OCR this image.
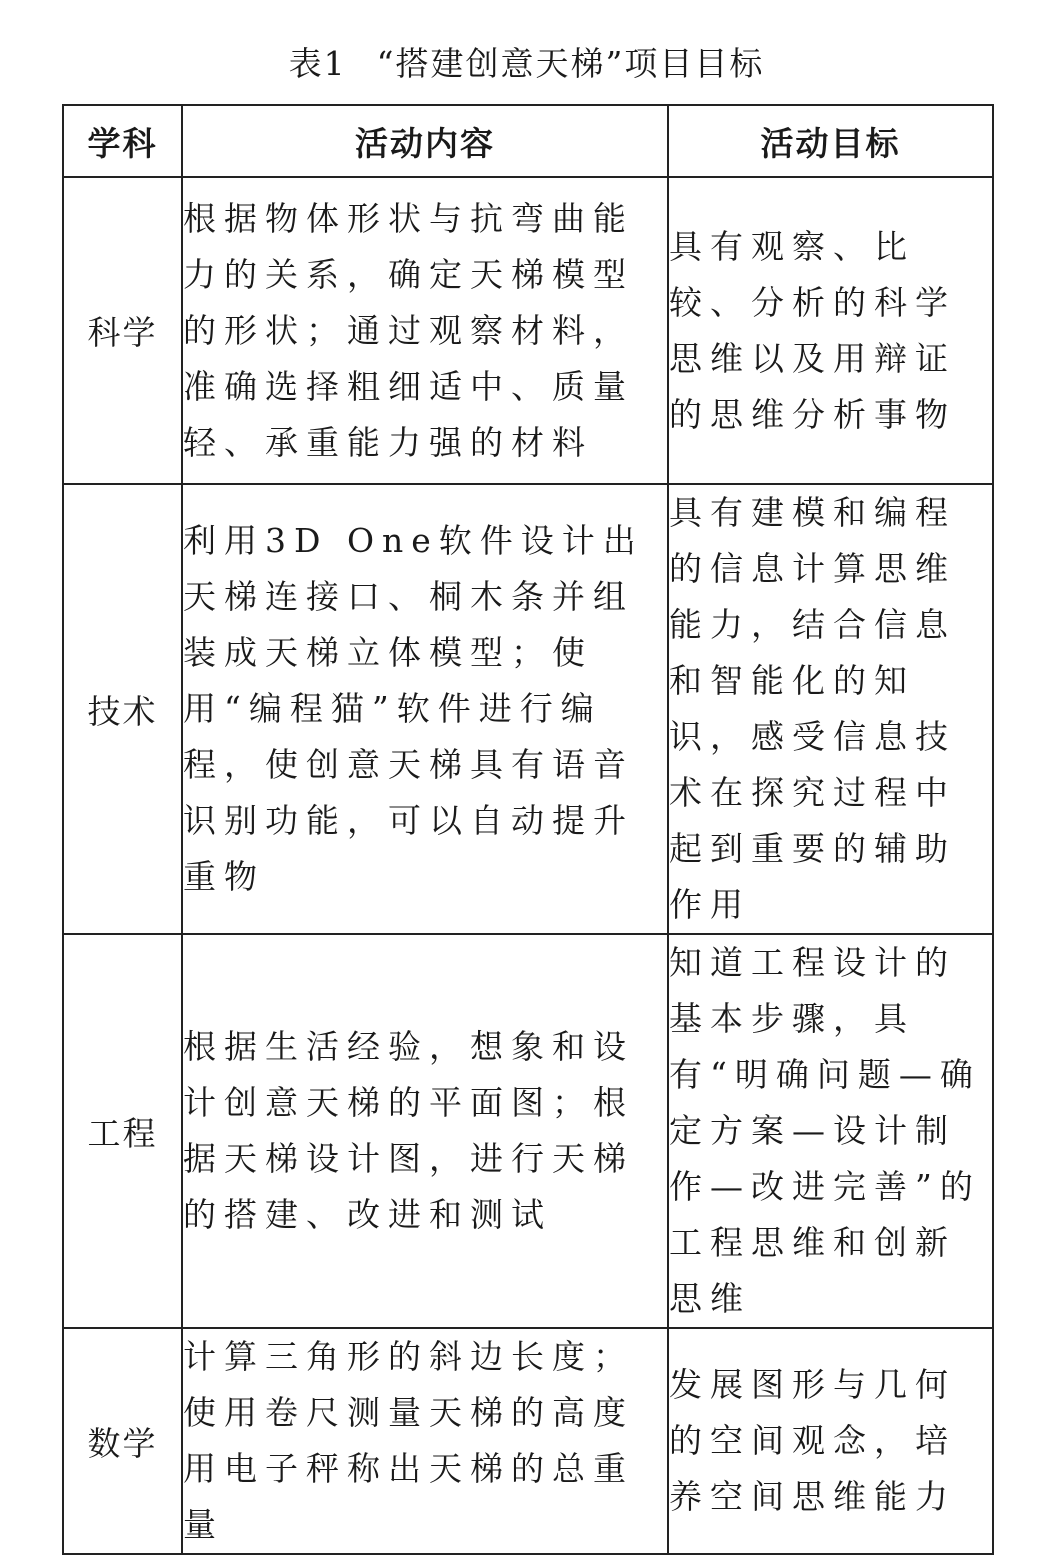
表1 “搭建创意天梯”项目目标
学科	活动内容	活动目标
科学	根据物体形状与抗弯曲能力的关系，确定天梯模型的形状；通过观察材料，准确选择粗细适中、质量轻、承重能力强的材料	具有观察、比较、分析的科学思维以及用辩证的思维分析事物
技术	利用3D One软件设计出天梯连接口、桐木条并组装成天梯立体模型；使用“编程猫”软件进行编程，使创意天梯具有语音识别功能，可以自动提升重物	具有建模和编程的信息计算思维能力，结合信息和智能化的知识，感受信息技术在探究过程中起到重要的辅助作用
工程	根据生活经验，想象和设计创意天梯的平面图；根据天梯设计图，进行天梯的搭建、改进和测试	知道工程设计的基本步骤，具有“明确问题—确定方案—设计制作—改进完善”的工程思维和创新思维
数学	计算三角形的斜边长度；使用卷尺测量天梯的高度用电子秤称出天梯的总重量	发展图形与几何的空间观念，培养空间思维能力
